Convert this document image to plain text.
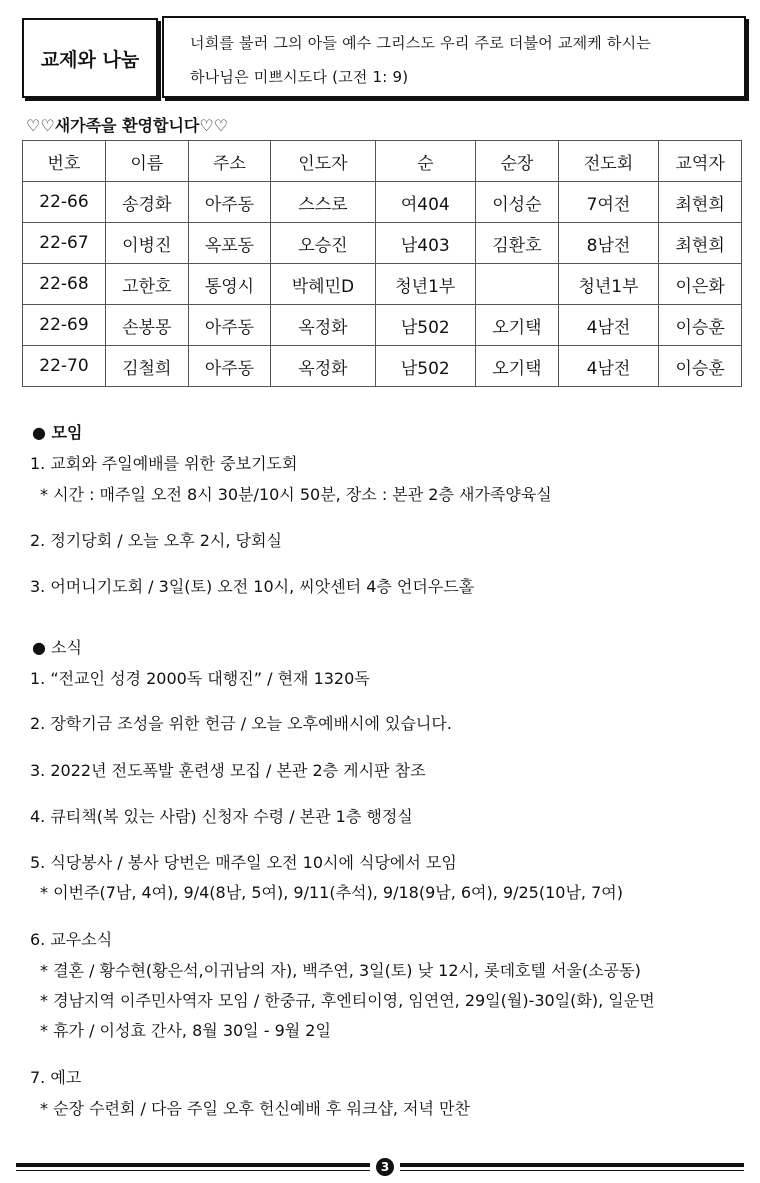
교제와 나눔
너희를 불러 그의 아들 예수 그리스도 우리 주로 더불어 교제케 하시는
하나님은 미쁘시도다 (고전 1: 9)
♡♡새가족을 환영합니다♡♡
번호	이름	주소	인도자	순	순장	전도회	교역자
22-66	송경화	아주동	스스로	여404	이성순	7여전	최현희
22-67	이병진	옥포동	오승진	남403	김환호	8남전	최현희
22-68	고한호	통영시	박혜민D	청년1부		청년1부	이은화
22-69	손봉몽	아주동	옥정화	남502	오기택	4남전	이승훈
22-70	김철희	아주동	옥정화	남502	오기택	4남전	이승훈
● 모임
1. 교회와 주일예배를 위한 중보기도회
* 시간 : 매주일 오전 8시 30분/10시 50분, 장소 : 본관 2층 새가족양육실
2. 정기당회 / 오늘 오후 2시, 당회실
3. 어머니기도회 / 3일(토) 오전 10시, 씨앗센터 4층 언더우드홀
● 소식
1. “전교인 성경 2000독 대행진” / 현재 1320독
2. 장학기금 조성을 위한 헌금 / 오늘 오후예배시에 있습니다.
3. 2022년 전도폭발 훈련생 모집 / 본관 2층 게시판 참조
4. 큐티책(복 있는 사람) 신청자 수령 / 본관 1층 행정실
5. 식당봉사 / 봉사 당번은 매주일 오전 10시에 식당에서 모임
* 이번주(7남, 4여), 9/4(8남, 5여), 9/11(추석), 9/18(9남, 6여), 9/25(10남, 7여)
6. 교우소식
* 결혼 / 황수현(황은석,이귀남의 자), 백주연, 3일(토) 낮 12시, 롯데호텔 서울(소공동)
* 경남지역 이주민사역자 모임 / 한중규, 후엔티이영, 임연연, 29일(월)-30일(화), 일운면
* 휴가 / 이성효 간사, 8월 30일 - 9월 2일
7. 예고
* 순장 수련회 / 다음 주일 오후 헌신예배 후 워크샵, 저녁 만찬
3
